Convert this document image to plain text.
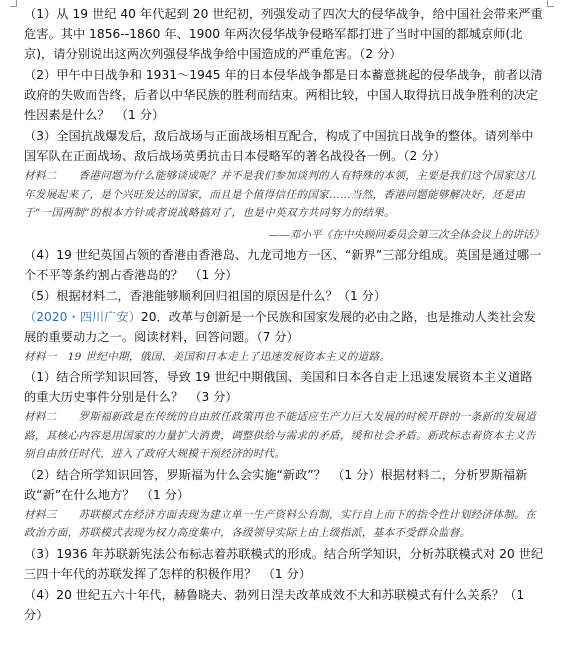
（1）从 19 世纪 40 年代起到 20 世纪初，列强发动了四次大的侵华战争，给中国社会带来严重危害。其中 1856--1860 年、1900 年两次侵华战争侵略军都打进了当时中国的都城京师(北京)，请分别说出这两次列强侵华战争给中国造成的严重危害。（2 分）

（2）甲午中日战争和 1931～1945 年的日本侵华战争都是日本蓄意挑起的侵华战争，前者以清政府的失败而告终，后者以中华民族的胜利而结束。两相比较，中国人取得抗日战争胜利的决定性因素是什么？　（1 分）

（3）全国抗战爆发后，敌后战场与正面战场相互配合，构成了中国抗日战争的整体。请列举中国军队在正面战场、敌后战场英勇抗击日本侵略军的著名战役各一例。（2 分）

材料二　　香港问题为什么能够谈成呢？并不是我们参加谈判的人有特殊的本领，主要是我们这个国家这几年发展起来了，是个兴旺发达的国家，而且是个值得信任的国家……当然，香港问题能够解决好，还是由于“一国两制”的根本方针或者说战略搞对了，也是中英双方共同努力的结果。

——邓小平《在中央顾问委员会第三次全体会议上的讲话》

（4）19 世纪英国占领的香港由香港岛、九龙司地方一区、“新界”三部分组成。英国是通过哪一个不平等条约割占香港岛的？　（1 分）

（5）根据材料二，香港能够顺利回归祖国的原因是什么？（1 分）

（2020・四川广安）20．改革与创新是一个民族和国家发展的必由之路，也是推动人类社会发展的重要动力之一。阅读材料，回答问题。（7 分）

材料一　19 世纪中期，俄国、美国和日本走上了迅速发展资本主义的道路。

（1）结合所学知识回答，导致 19 世纪中期俄国、美国和日本各自走上迅速发展资本主义道路的重大历史事件分别是什么？　（3 分）

材料二　　罗斯福新政是在传统的自由放任政策再也不能适应生产力巨大发展的时候开辟的一条新的发展道路，其核心内容是用国家的力量扩大消费，调整供给与需求的矛盾，缓和社会矛盾。新政标志着资本主义告别自由放任时代，进入了政府大规模干预经济的时代。

（2）结合所学知识回答，罗斯福为什么会实施“新政”？　（1 分）根据材料二，分析罗斯福新政“新”在什么地方？　（1 分）

材料三　　苏联模式在经济方面表现为建立单一生产资料公有制，实行自上而下的指令性计划经济体制。在政治方面，苏联模式表现为权力高度集中，各级领导实际上由上级指派，基本不受群众监督。

（3）1936 年苏联新宪法公布标志着苏联模式的形成。结合所学知识，分析苏联模式对 20 世纪三四十年代的苏联发挥了怎样的积极作用？　（1 分）

（4）20 世纪五六十年代，赫鲁晓夫、勃列日涅夫改革成效不大和苏联模式有什么关系？（1 分）
